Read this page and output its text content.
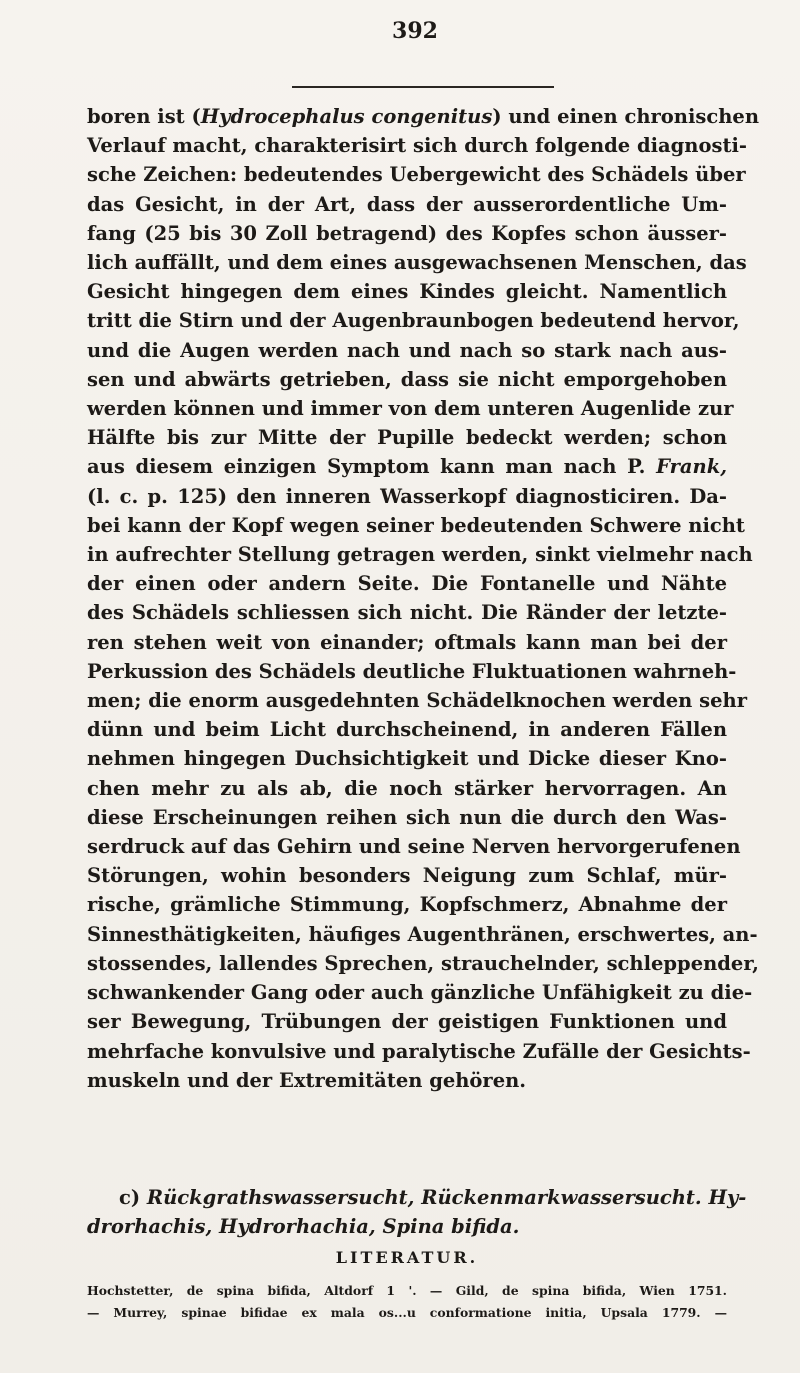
392
boren ist (Hydrocephalus congenitus) und einen chronischen
Verlauf macht, charakterisirt sich durch folgende diagnosti-
sche Zeichen: bedeutendes Uebergewicht des Schädels über
das Gesicht, in der Art, dass der ausserordentliche Um-
fang (25 bis 30 Zoll betragend) des Kopfes schon äusser-
lich auffällt, und dem eines ausgewachsenen Menschen, das
Gesicht hingegen dem eines Kindes gleicht. Namentlich
tritt die Stirn und der Augenbraunbogen bedeutend hervor,
und die Augen werden nach und nach so stark nach aus-
sen und abwärts getrieben, dass sie nicht emporgehoben
werden können und immer von dem unteren Augenlide zur
Hälfte bis zur Mitte der Pupille bedeckt werden; schon
aus diesem einzigen Symptom kann man nach P. Frank,
(l. c. p. 125) den inneren Wasserkopf diagnosticiren. Da-
bei kann der Kopf wegen seiner bedeutenden Schwere nicht
in aufrechter Stellung getragen werden, sinkt vielmehr nach
der einen oder andern Seite. Die Fontanelle und Nähte
des Schädels schliessen sich nicht. Die Ränder der letzte-
ren stehen weit von einander; oftmals kann man bei der
Perkussion des Schädels deutliche Fluktuationen wahrneh-
men; die enorm ausgedehnten Schädelknochen werden sehr
dünn und beim Licht durchscheinend, in anderen Fällen
nehmen hingegen Duchsichtigkeit und Dicke dieser Kno-
chen mehr zu als ab, die noch stärker hervorragen. An
diese Erscheinungen reihen sich nun die durch den Was-
serdruck auf das Gehirn und seine Nerven hervorgerufenen
Störungen, wohin besonders Neigung zum Schlaf, mür-
rische, grämliche Stimmung, Kopfschmerz, Abnahme der
Sinnesthätigkeiten, häufiges Augenthränen, erschwertes, an-
stossendes, lallendes Sprechen, strauchelnder, schleppender,
schwankender Gang oder auch gänzliche Unfähigkeit zu die-
ser Bewegung, Trübungen der geistigen Funktionen und
mehrfache konvulsive und paralytische Zufälle der Gesichts-
muskeln und der Extremitäten gehören.
c) Rückgrathswassersucht, Rückenmarkwassersucht. Hy-
drorhachis, Hydrorhachia, Spina bifida.
LITERATUR.
Hochstetter, de spina bifida, Altdorf 1 '. — Gild, de spina bifida, Wien 1751.
— Murrey, spinae bifidae ex mala os...u conformatione initia, Upsala 1779. —
